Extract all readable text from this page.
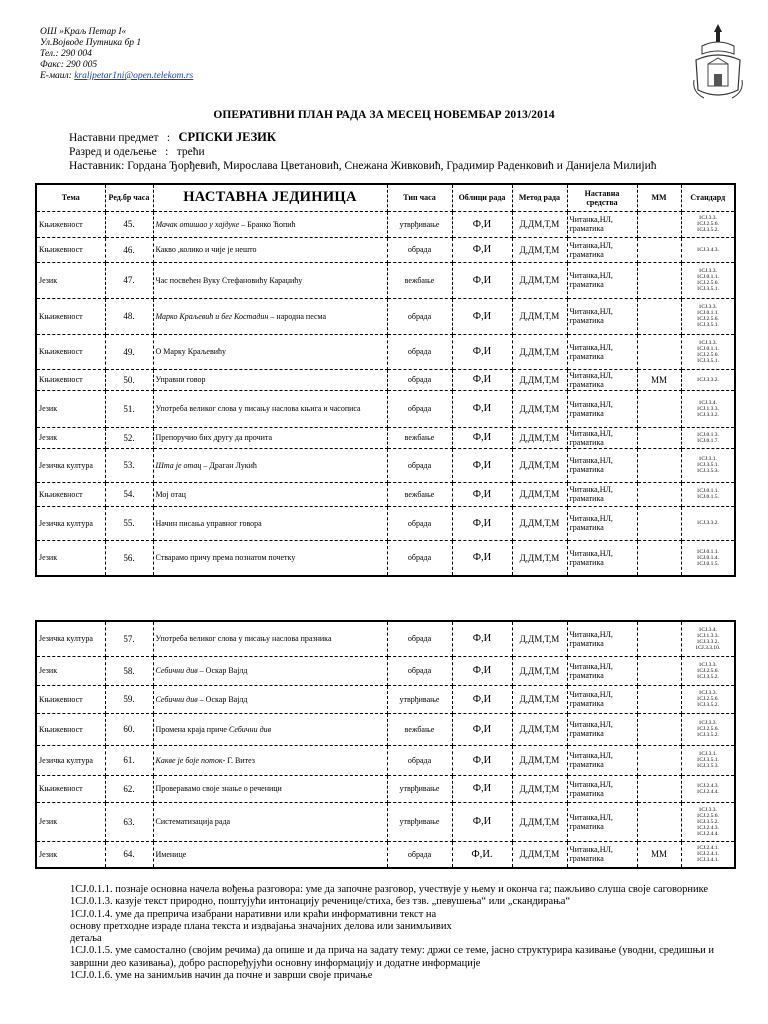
ОШ »Краљ Петар I«
Ул.Војводе Путника бр 1
Тел.: 290 004
Факс: 290 005
E-маил: kraljpetar1ni@open.telekom.rs
ОПЕРАТИВНИ ПЛАН РАДА ЗА МЕСЕЦ НОВЕМБАР 2013/2014
Наставни предмет : СРПСКИ ЈЕЗИК
Разред и одељење : трећи
Наставник: Гордана Ђорђевић, Мирослава Цветановић, Снежана Живковић, Градимир Раденковић и Данијела Милијић
Тема	Ред.бр часа	НАСТАВНА ЈЕДИНИЦА	Тип часа	Облици рада	Метод рада	Наставна средства	ММ	Стандард
Књижевност	45.	Мачак отишао у хајдуке – Бранко Ћопић	утврђивање	Ф,И	Д,ДМ,Т,М	Читанка,НЛ, граматика		1СЈ.3.3.
1СЈ.2.5.6.
1СЈ.3.5.2.

Књижевност	46.	Какво ,колико и чије је нешто	обрада	Ф,И	Д,ДМ,Т,М	Читанка,НЛ, граматика		1СЈ.3.4.3.

Језик	47.	Час посвећен Вуку Стефановићу Караџићу	вежбање	Ф,И	Д,ДМ,Т,М	Читанка,НЛ, граматика		1СЈ.3.3.
1СЈ.0.1.1.
1СЈ.2.5.6.
1СЈ.3.5.1.

Књижевност	48.	Марко Краљевић и бег Костадин – народна песма	обрада	Ф,И	Д,ДМ,Т,М	Читанка,НЛ, граматика		1СЈ.3.3.
1СЈ.0.1.1.
1СЈ.2.5.6.
1СЈ.3.5.1.

Књижевност	49.	О Марку Краљевићу	обрада	Ф,И	Д,ДМ,Т,М	Читанка,НЛ, граматика		1СЈ.3.3.
1СЈ.0.1.1.
1СЈ.2.5.6.
1СЈ.3.5.1.

Књижевност	50.	Управни говор	обрада	Ф,И	Д,ДМ,Т,М	Читанка,НЛ, граматика	ММ	1СЈ.3.3.2.

Језик	51.	Употреба великог слова у писању наслова књига и часописа	обрада	Ф,И	Д,ДМ,Т,М	Читанка,НЛ, граматика		1СЈ.3.4.
1СЈ.1.3.3.
1СЈ.3.3.2.

Језик	52.	Препоручио бих другу да прочита	вежбање	Ф,И	Д,ДМ,Т,М	Читанка,НЛ, граматика		1СЈ.0.1.3.
1СЈ.0.1.7.

Језичка култура	53.	Шта је отац – Драган Лукић	обрада	Ф,И	Д,ДМ,Т,М	Читанка,НЛ, граматика		1СЈ.3.1.
1СЈ.3.5.1.
1СЈ.3.5.3.

Књижевност	54.	Мој отац	вежбање	Ф,И	Д,ДМ,Т,М	Читанка,НЛ, граматика		1СЈ.0.1.1.
1СЈ.0.1.5.

Језичка култура	55.	Начин писања управног говора	обрада	Ф,И	Д,ДМ,Т,М	Читанка,НЛ, граматика		1СЈ.3.3.2.

Језик	56.	Стварамо причу према познатом почетку	обрада	Ф,И	Д,ДМ,Т,М	Читанка,НЛ, граматика		1СЈ.0.1.1.
1СЈ.0.1.4.
1СЈ.0.1.5.
Језичка култура	57.	Употреба великог слова у писању наслова празника	обрада	Ф,И	Д,ДМ,Т,М	Читанка,НЛ, граматика		1СЈ.3.4.
1СЈ.1.3.3.
1СЈ.3.3.2.
1СЈ.3.3.10.

Језик	58.	Себични див – Оскар Вајлд	обрада	Ф,И	Д,ДМ,Т,М	Читанка,НЛ, граматика		1СЈ.3.3.
1СЈ.2.5.6.
1СЈ.3.5.2.

Књижевност	59.	Себични див – Оскар Вајлд	утврђивање	Ф,И	Д,ДМ,Т,М	Читанка,НЛ, граматика		1СЈ.3.3.
1СЈ.2.5.6.
1СЈ.3.5.2.

Књижевност	60.	Промена краја приче Себични див	вежбање	Ф,И	Д,ДМ,Т,М	Читанка,НЛ, граматика		1СЈ.3.3.
1СЈ.2.5.6.
1СЈ.3.5.2.

Језичка култура	61.	Какве је боје поток- Г. Витез	обрада	Ф,И	Д,ДМ,Т,М	Читанка,НЛ, граматика		1СЈ.3.1.
1СЈ.3.5.1.
1СЈ.3.5.3.

Књижевност	62.	Проверавамо своје знање о реченици	утврђивање	Ф,И	Д,ДМ,Т,М	Читанка,НЛ, граматика		1СЈ.2.4.3.
1СЈ.2.4.4.

Језик	63.	Систематизација рада	утврђивање	Ф,И	Д,ДМ,Т,М	Читанка,НЛ, граматика		1СЈ.3.3.
1СЈ.2.5.6.
1СЈ.3.5.2.
1СЈ.2.4.3.
1СЈ.2.4.4.

Језик	64.	Именице	обрада	Ф,И.	Д,ДМ,Т,М	Читанка,НЛ, граматика	ММ	1СЈ.2.4.1.
1СЈ.2.4.1.
1СЈ.3.4.1.
1СЈ.0.1.1. познаје основна начела вођења разговора: уме да започне разговор, учествује у њему и оконча га; пажљиво слуша своје саговорнике
1СЈ.0.1.3. казује текст природно, поштујући интонацију реченице/стиха, без тзв. „певушења“ или „скандирања“
1СЈ.0.1.4. уме да препричa изабрани наративни или краћи информативни текст на
основу претходне израде плана текста и издвајања значајних делова или занимљивих
детаља
1СЈ.0.1.5. уме самостално (својим речима) да опише и да прича на задату тему: држи се теме, јасно структурира казивање (уводни, средишњи и завршни део казивања), добро распоређујући основну информацију и додатне информације
1СЈ.0.1.6. уме на занимљив начин да почне и заврши своје причање
